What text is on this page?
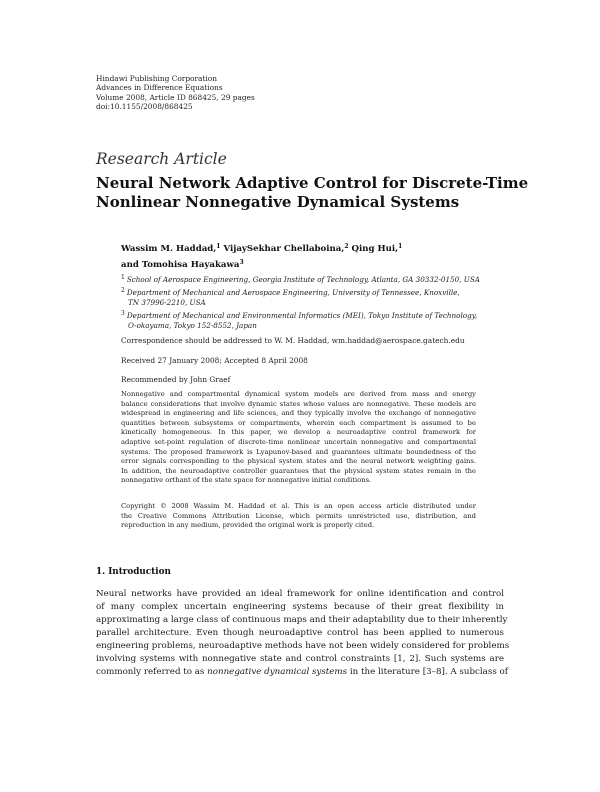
Hindawi Publishing Corporation
Advances in Difference Equations
Volume 2008, Article ID 868425, 29 pages
doi:10.1155/2008/868425
Research Article
Neural Network Adaptive Control for Discrete-Time
Nonlinear Nonnegative Dynamical Systems
Wassim M. Haddad,$^1$ VijaySekhar Chellaboina,$^2$ Qing Hui,$^1$
and Tomohisa Hayakawa$^3$
$^1$ School of Aerospace Engineering, Georgia Institute of Technology, Atlanta, GA 30332-0150, USA
$^2$ Department of Mechanical and Aerospace Engineering, University of Tennessee, Knoxville,
TN 37996-2210, USA
$^3$ Department of Mechanical and Environmental Informatics (MEI), Tokyo Institute of Technology,
O-okayama, Tokyo 152-8552, Japan
Correspondence should be addressed to W. M. Haddad, wm.haddad@aerospace.gatech.edu
Received 27 January 2008; Accepted 8 April 2008
Recommended by John Graef
Nonnegative and compartmental dynamical system models are derived from mass and energy
balance considerations that involve dynamic states whose values are nonnegative. These models are
widespread in engineering and life sciences, and they typically involve the exchange of nonnegative
quantities between subsystems or compartments, wherein each compartment is assumed to be
kinetically homogeneous. In this paper, we develop a neuroadaptive control framework for
adaptive set-point regulation of discrete-time nonlinear uncertain nonnegative and compartmental
systems. The proposed framework is Lyapunov-based and guarantees ultimate boundedness of the
error signals corresponding to the physical system states and the neural network weighting gains.
In addition, the neuroadaptive controller guarantees that the physical system states remain in the
nonnegative orthant of the state space for nonnegative initial conditions.
Copyright © 2008 Wassim M. Haddad et al. This is an open access article distributed under
the Creative Commons Attribution License, which permits unrestricted use, distribution, and
reproduction in any medium, provided the original work is properly cited.
1. Introduction
Neural networks have provided an ideal framework for online identification and control
of many complex uncertain engineering systems because of their great flexibility in
approximating a large class of continuous maps and their adaptability due to their inherently
parallel architecture. Even though neuroadaptive control has been applied to numerous
engineering problems, neuroadaptive methods have not been widely considered for problems
involving systems with nonnegative state and control constraints [1, 2]. Such systems are
commonly referred to as nonnegative dynamical systems in the literature [3–8]. A subclass of
